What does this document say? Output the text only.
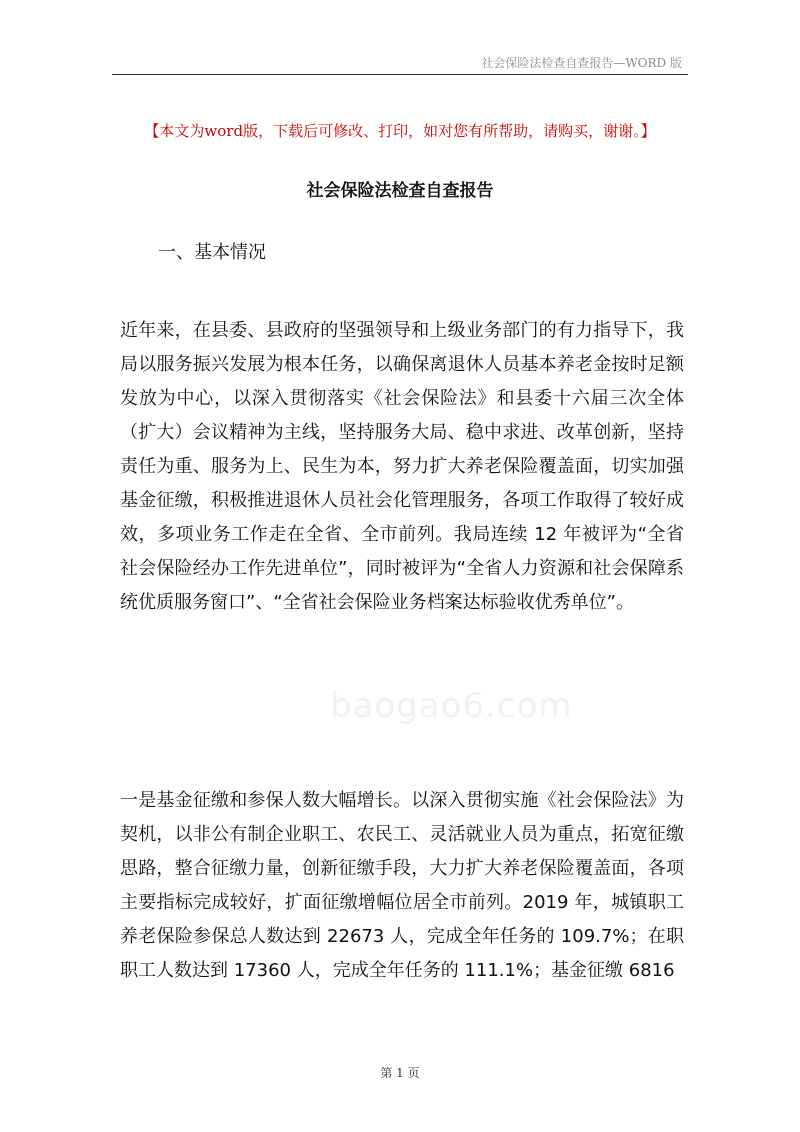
社会保险法检查自查报告—WORD 版
【本文为word版，下载后可修改、打印，如对您有所帮助，请购买，谢谢。】
社会保险法检查自查报告
一、基本情况
baogao6.com
近年来，在县委、县政府的坚强领导和上级业务部门的有力指导下，我局以服务振兴发展为根本任务，以确保离退休人员基本养老金按时足额发放为中心，以深入贯彻落实《社会保险法》和县委十六届三次全体（扩大）会议精神为主线，坚持服务大局、稳中求进、改革创新，坚持责任为重、服务为上、民生为本，努力扩大养老保险覆盖面，切实加强基金征缴，积极推进退休人员社会化管理服务，各项工作取得了较好成效，多项业务工作走在全省、全市前列。我局连续 12 年被评为“全省社会保险经办工作先进单位”，同时被评为“全省人力资源和社会保障系统优质服务窗口”、“全省社会保险业务档案达标验收优秀单位”。
一是基金征缴和参保人数大幅增长。以深入贯彻实施《社会保险法》为契机，以非公有制企业职工、农民工、灵活就业人员为重点，拓宽征缴思路，整合征缴力量，创新征缴手段，大力扩大养老保险覆盖面，各项主要指标完成较好，扩面征缴增幅位居全市前列。2019 年，城镇职工养老保险参保总人数达到 22673 人，完成全年任务的 109.7%；在职职工人数达到 17360 人，完成全年任务的 111.1%；基金征缴 6816
第 1 页
